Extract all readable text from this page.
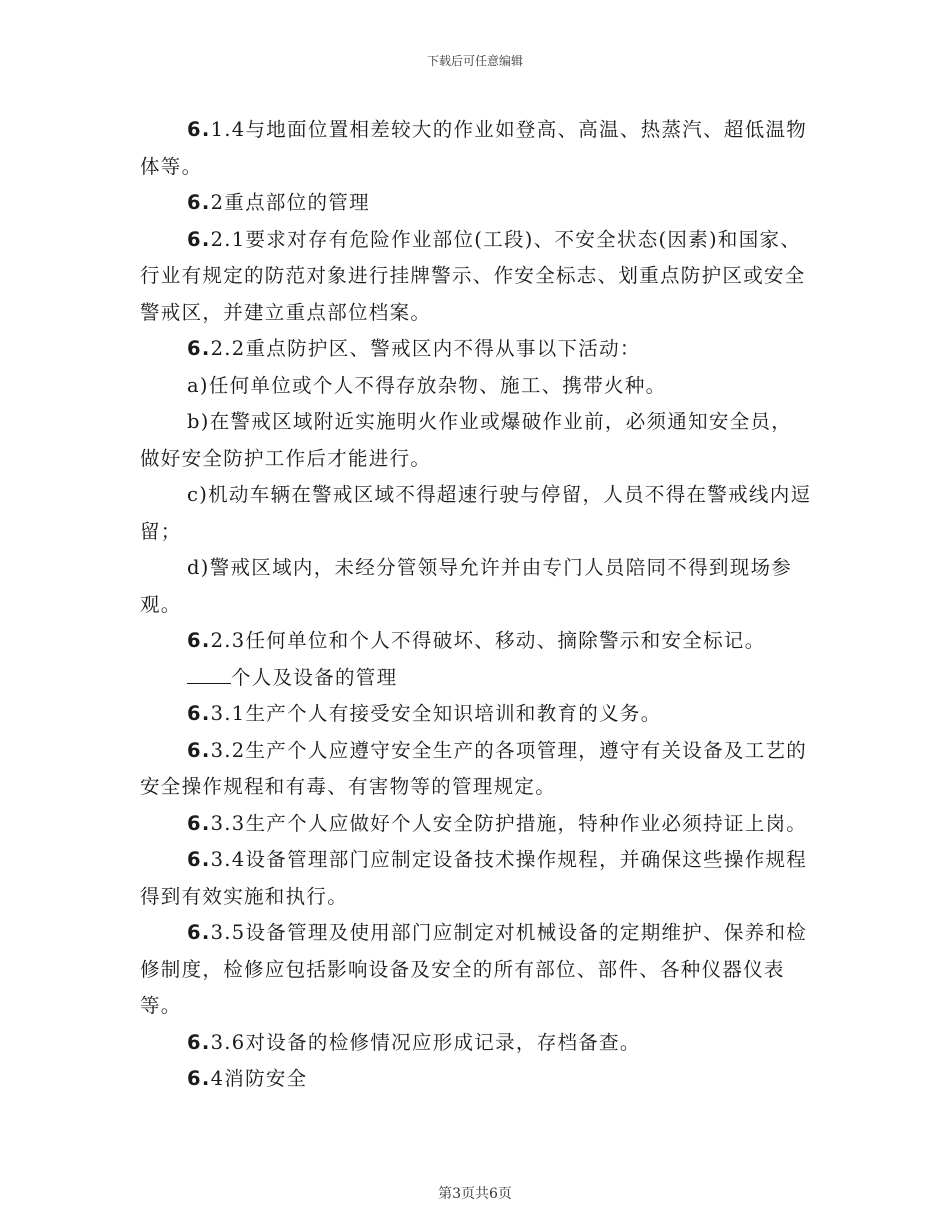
下载后可任意编辑

6.1.4与地面位置相差较大的作业如登高、高温、热蒸汽、超低温物体等。

6.2重点部位的管理

6.2.1要求对存有危险作业部位(工段)、不安全状态(因素)和国家、行业有规定的防范对象进行挂牌警示、作安全标志、划重点防护区或安全警戒区，并建立重点部位档案。

6.2.2重点防护区、警戒区内不得从事以下活动：

a)任何单位或个人不得存放杂物、施工、携带火种。

b)在警戒区域附近实施明火作业或爆破作业前，必须通知安全员，做好安全防护工作后才能进行。

c)机动车辆在警戒区域不得超速行驶与停留，人员不得在警戒线内逗留；

d)警戒区域内，未经分管领导允许并由专门人员陪同不得到现场参观。

6.2.3任何单位和个人不得破坏、移动、摘除警示和安全标记。

个人及设备的管理

6.3.1生产个人有接受安全知识培训和教育的义务。

6.3.2生产个人应遵守安全生产的各项管理，遵守有关设备及工艺的安全操作规程和有毒、有害物等的管理规定。

6.3.3生产个人应做好个人安全防护措施，特种作业必须持证上岗。

6.3.4设备管理部门应制定设备技术操作规程，并确保这些操作规程得到有效实施和执行。

6.3.5设备管理及使用部门应制定对机械设备的定期维护、保养和检修制度，检修应包括影响设备及安全的所有部位、部件、各种仪器仪表等。

6.3.6对设备的检修情况应形成记录，存档备查。

6.4消防安全

第3页共6页
